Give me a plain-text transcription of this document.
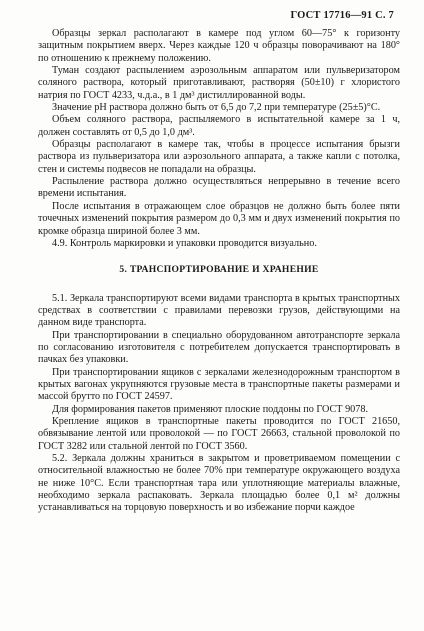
ГОСТ 17716—91 С. 7

Образцы зеркал располагают в камере под углом 60—75° к горизонту защитным покрытием вверх. Через каждые 120 ч образцы поворачивают на 180° по отношению к прежнему положению.

Туман создают распылением аэрозольным аппаратом или пульверизатором соляного раствора, который приготавливают, растворяя (50±10) г хлористого натрия по ГОСТ 4233, ч.д.а., в 1 дм³ дистиллированной воды.

Значение pH раствора должно быть от 6,5 до 7,2 при температуре (25±5)°С.

Объем соляного раствора, распыляемого в испытательной камере за 1 ч, должен составлять от 0,5 до 1,0 дм³.

Образцы располагают в камере так, чтобы в процессе испытания брызги раствора из пульверизатора или аэрозольного аппарата, а также капли с потолка, стен и системы подвесов не попадали на образцы.

Распыление раствора должно осуществляться непрерывно в течение всего времени испытания.

После испытания в отражающем слое образцов не должно быть более пяти точечных изменений покрытия размером до 0,3 мм и двух изменений покрытия по кромке образца шириной более 3 мм.

4.9. Контроль маркировки и упаковки проводится визуально.

5. ТРАНСПОРТИРОВАНИЕ И ХРАНЕНИЕ

5.1. Зеркала транспортируют всеми видами транспорта в крытых транспортных средствах в соответствии с правилами перевозки грузов, действующими на данном виде транспорта.

При транспортировании в специально оборудованном автотранспорте зеркала по согласованию изготовителя с потребителем допускается транспортировать в пачках без упаковки.

При транспортировании ящиков с зеркалами железнодорожным транспортом в крытых вагонах укрупняются грузовые места в транспортные пакеты размерами и массой брутто по ГОСТ 24597.

Для формирования пакетов применяют плоские поддоны по ГОСТ 9078.

Крепление ящиков в транспортные пакеты проводится по ГОСТ 21650, обвязывание лентой или проволокой — по ГОСТ 26663, стальной проволокой по ГОСТ 3282 или стальной лентой по ГОСТ 3560.

5.2. Зеркала должны храниться в закрытом и проветриваемом помещении с относительной влажностью не более 70% при температуре окружающего воздуха не ниже 10°С. Если транспортная тара или уплотняющие материалы влажные, необходимо зеркала распаковать. Зеркала площадью более 0,1 м² должны устанавливаться на торцовую поверхность и во избежание порчи каждое
